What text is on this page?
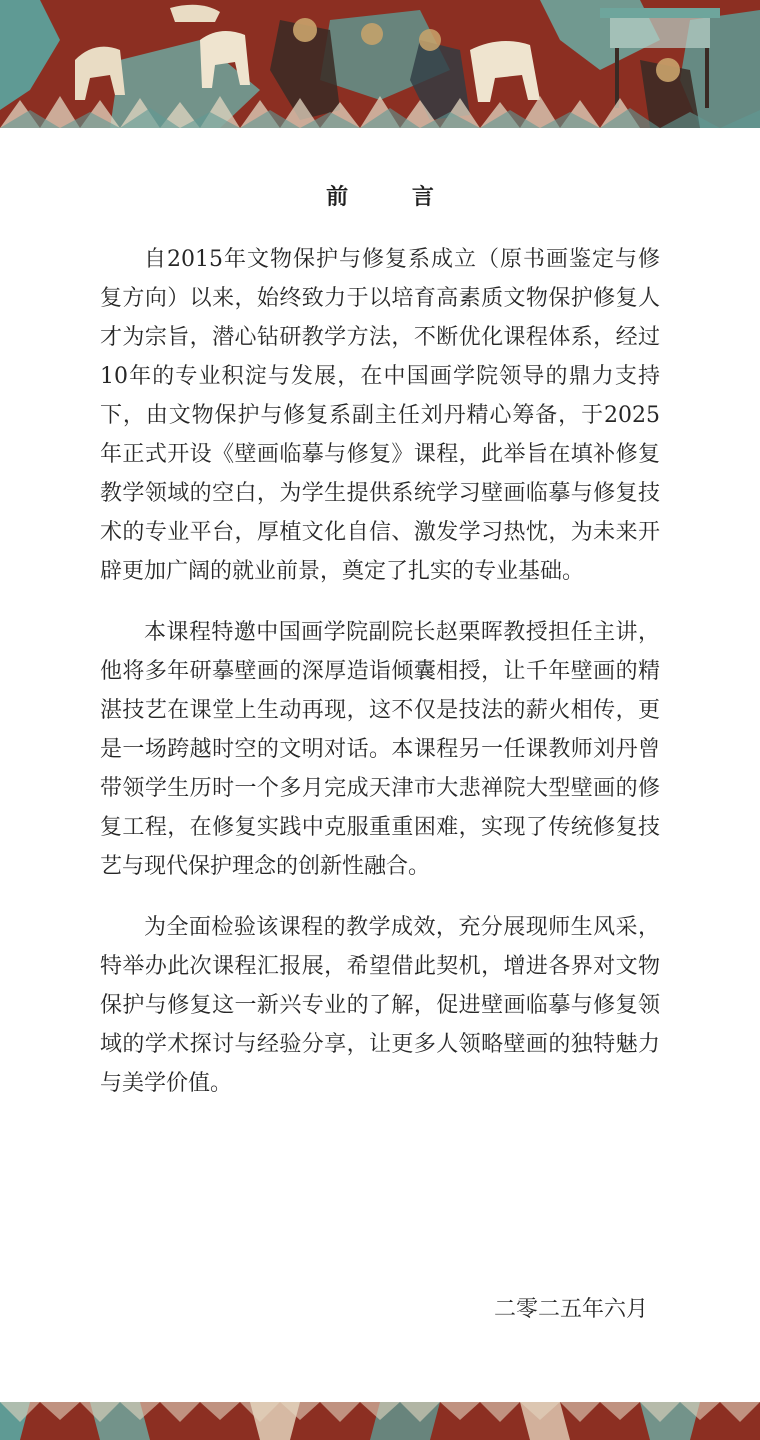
前 言

自2015年文物保护与修复系成立（原书画鉴定与修复方向）以来，始终致力于以培育高素质文物保护修复人才为宗旨，潜心钻研教学方法，不断优化课程体系，经过10年的专业积淀与发展，在中国画学院领导的鼎力支持下，由文物保护与修复系副主任刘丹精心筹备，于2025年正式开设《壁画临摹与修复》课程，此举旨在填补修复教学领域的空白，为学生提供系统学习壁画临摹与修复技术的专业平台，厚植文化自信、激发学习热忱，为未来开辟更加广阔的就业前景，奠定了扎实的专业基础。

本课程特邀中国画学院副院长赵栗晖教授担任主讲，他将多年研摹壁画的深厚造诣倾囊相授，让千年壁画的精湛技艺在课堂上生动再现，这不仅是技法的薪火相传，更是一场跨越时空的文明对话。本课程另一任课教师刘丹曾带领学生历时一个多月完成天津市大悲禅院大型壁画的修复工程，在修复实践中克服重重困难，实现了传统修复技艺与现代保护理念的创新性融合。

为全面检验该课程的教学成效，充分展现师生风采，特举办此次课程汇报展，希望借此契机，增进各界对文物保护与修复这一新兴专业的了解，促进壁画临摹与修复领域的学术探讨与经验分享，让更多人领略壁画的独特魅力与美学价值。

二零二五年六月
